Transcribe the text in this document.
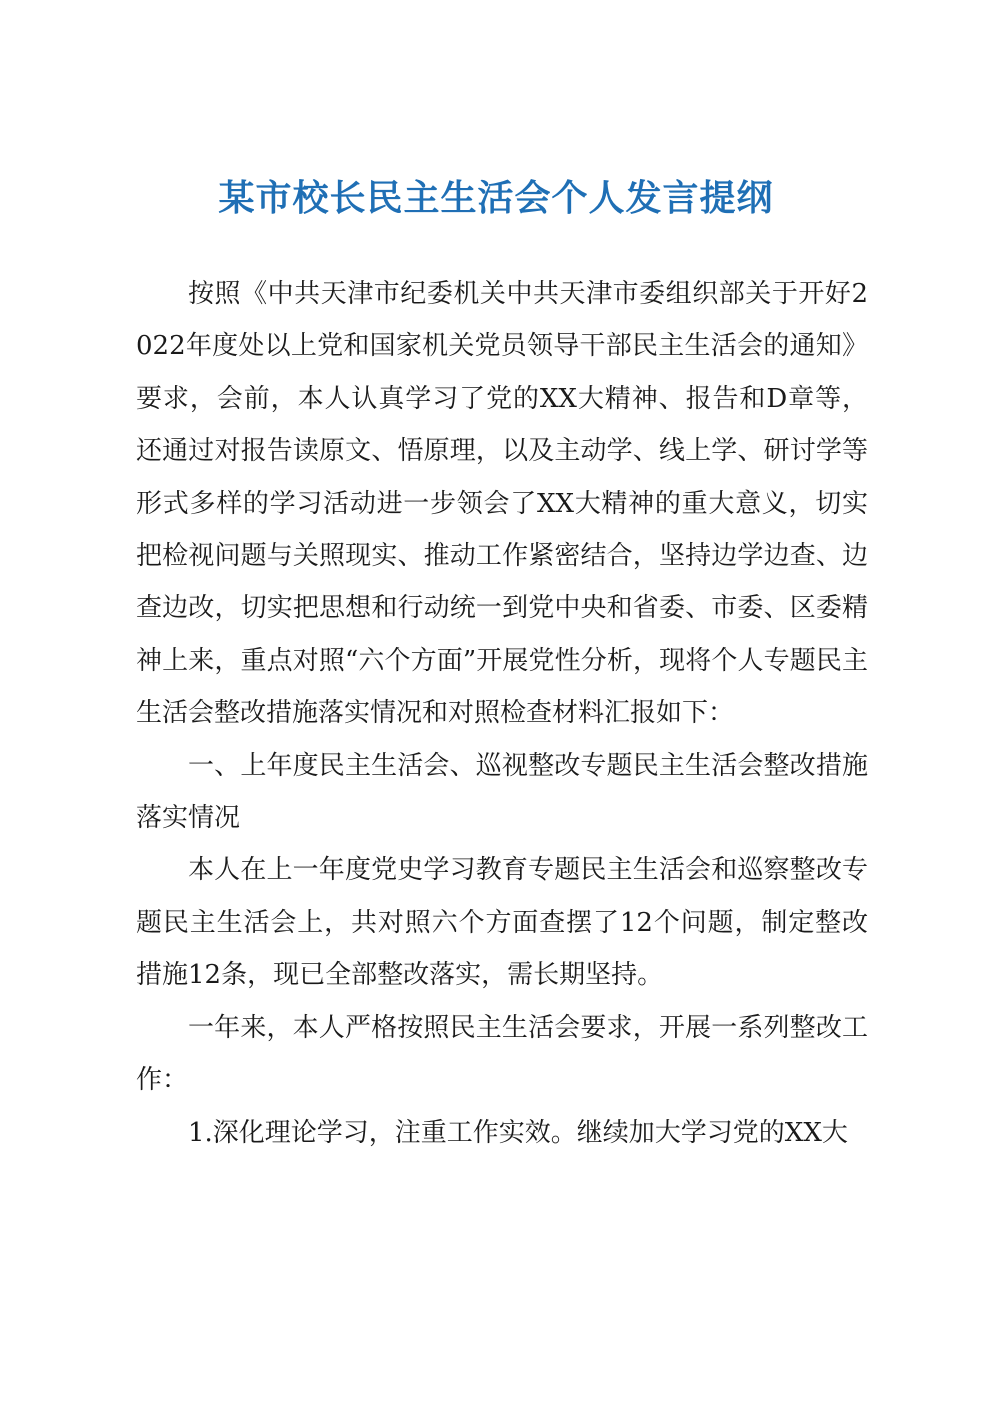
某市校长民主生活会个人发言提纲

按照《中共天津市纪委机关中共天津市委组织部关于开好2022年度处以上党和国家机关党员领导干部民主生活会的通知》要求，会前，本人认真学习了党的XX大精神、报告和D章等，还通过对报告读原文、悟原理，以及主动学、线上学、研讨学等形式多样的学习活动进一步领会了XX大精神的重大意义，切实把检视问题与关照现实、推动工作紧密结合，坚持边学边查、边查边改，切实把思想和行动统一到党中央和省委、市委、区委精神上来，重点对照“六个方面”开展党性分析，现将个人专题民主生活会整改措施落实情况和对照检查材料汇报如下：

一、上年度民主生活会、巡视整改专题民主生活会整改措施落实情况

本人在上一年度党史学习教育专题民主生活会和巡察整改专题民主生活会上，共对照六个方面查摆了12个问题，制定整改措施12条，现已全部整改落实，需长期坚持。

一年来，本人严格按照民主生活会要求，开展一系列整改工作：

1.深化理论学习，注重工作实效。继续加大学习党的XX大
